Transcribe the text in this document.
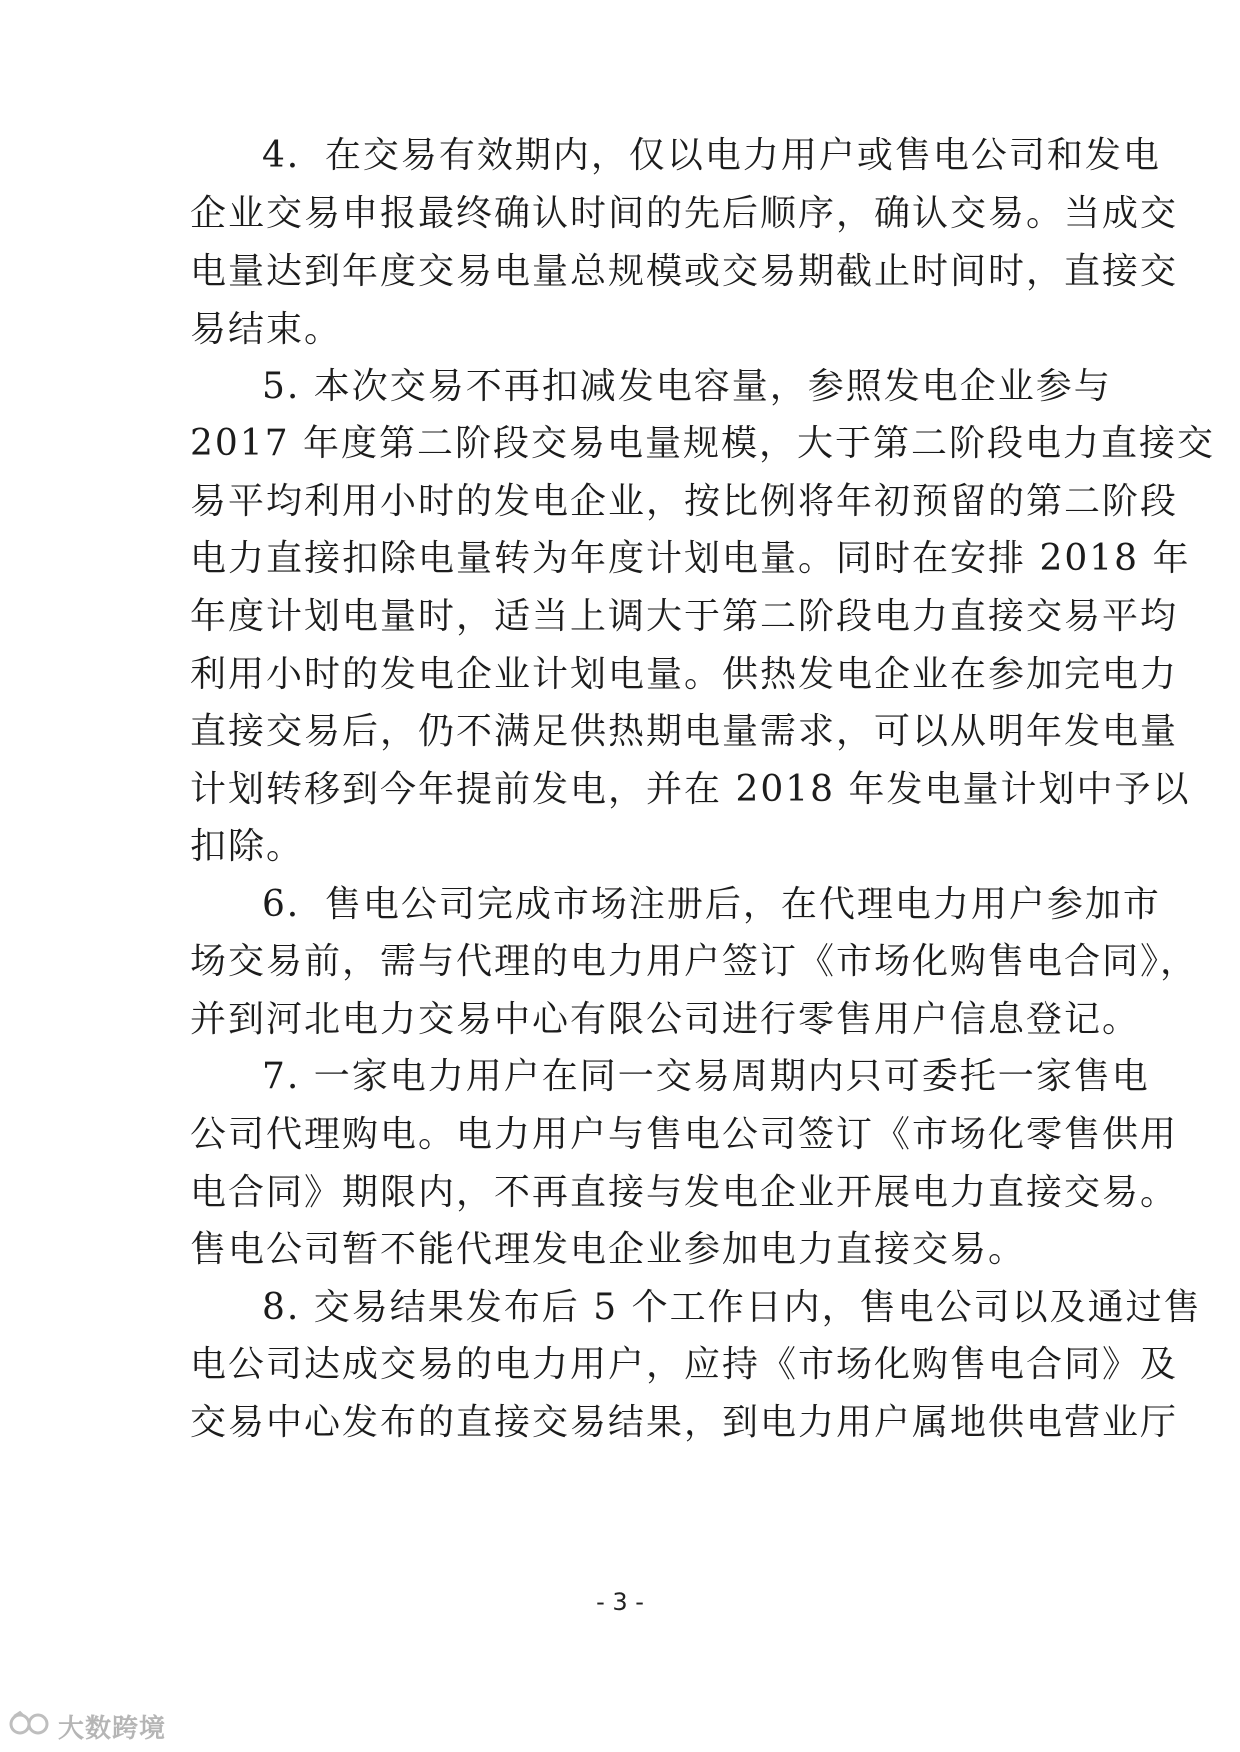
4．在交易有效期内，仅以电力用户或售电公司和发电
企业交易申报最终确认时间的先后顺序，确认交易。当成交
电量达到年度交易电量总规模或交易期截止时间时，直接交
易结束。
5. 本次交易不再扣减发电容量，参照发电企业参与
2017 年度第二阶段交易电量规模，大于第二阶段电力直接交
易平均利用小时的发电企业，按比例将年初预留的第二阶段
电力直接扣除电量转为年度计划电量。同时在安排 2018 年
年度计划电量时，适当上调大于第二阶段电力直接交易平均
利用小时的发电企业计划电量。供热发电企业在参加完电力
直接交易后，仍不满足供热期电量需求，可以从明年发电量
计划转移到今年提前发电，并在 2018 年发电量计划中予以
扣除。
6．售电公司完成市场注册后，在代理电力用户参加市
场交易前，需与代理的电力用户签订《市场化购售电合同》，
并到河北电力交易中心有限公司进行零售用户信息登记。
7. 一家电力用户在同一交易周期内只可委托一家售电
公司代理购电。电力用户与售电公司签订《市场化零售供用
电合同》期限内，不再直接与发电企业开展电力直接交易。
售电公司暂不能代理发电企业参加电力直接交易。
8. 交易结果发布后 5 个工作日内，售电公司以及通过售
电公司达成交易的电力用户，应持《市场化购售电合同》及
交易中心发布的直接交易结果，到电力用户属地供电营业厅
- 3 -
大数跨境
